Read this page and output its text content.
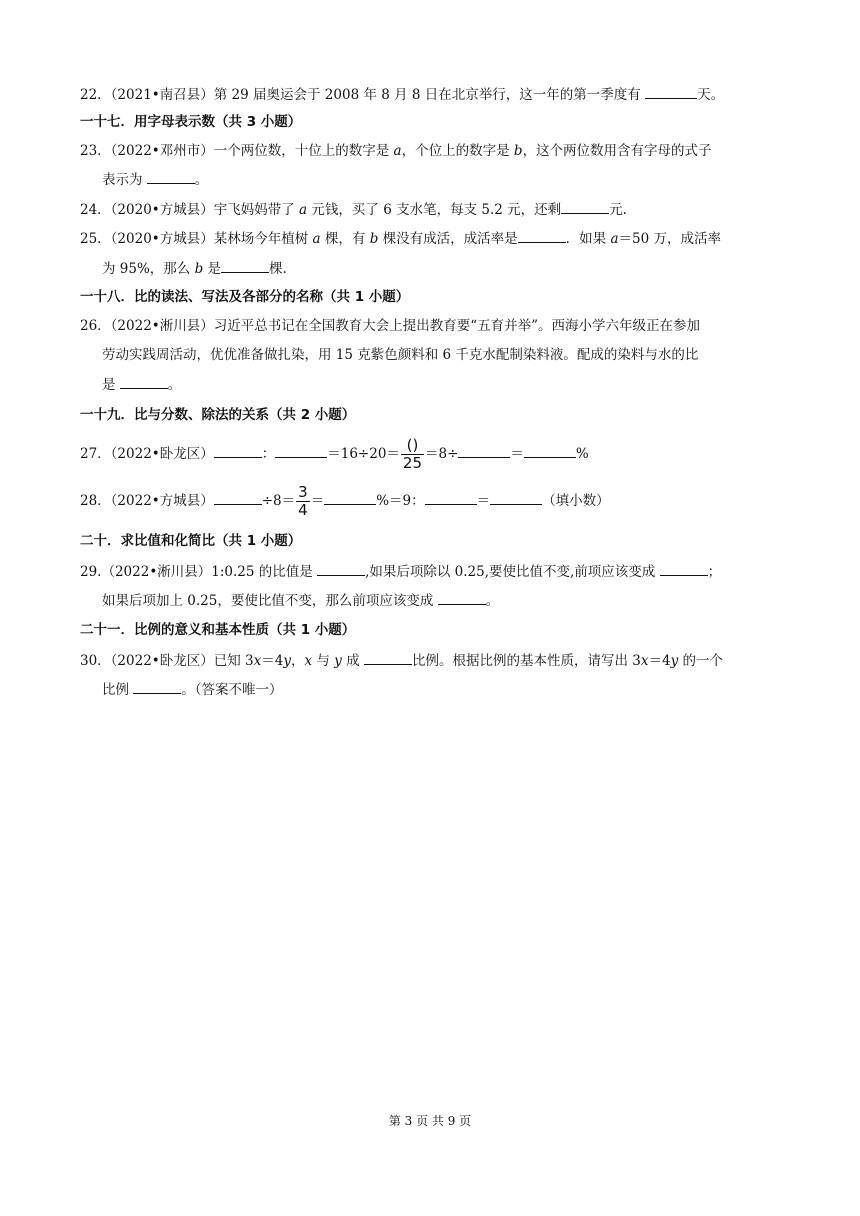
22．（2021•南召县）第 29 届奥运会于 2008 年 8 月 8 日在北京举行，这一年的第一季度有	天。
一十七．用字母表示数（共 3 小题）
23．（2022•邓州市）一个两位数，十位上的数字是 a，个位上的数字是 b，这个两位数用含有字母的式子
表示为	。
24．（2020•方城县）宇飞妈妈带了 a 元钱，买了 6 支水笔，每支 5.2 元，还剩	元.
25．（2020•方城县）某林场今年植树 a 棵，有 b 棵没有成活，成活率是	．如果 a＝50 万，成活率
为 95%，那么 b 是	棵.
一十八．比的读法、写法及各部分的名称（共 1 小题）
26．（2022•淅川县）习近平总书记在全国教育大会上提出教育要“五育并举”。西海小学六年级正在参加
劳动实践周活动，优优准备做扎染，用 15 克紫色颜料和 6 千克水配制染料液。配成的染料与水的比
是	。
一十九．比与分数、除法的关系（共 2 小题）
27．（2022•卧龙区）	：	$=16\div 20= \frac{()}{25} =8\div$	＝	%
28．（2022•方城县）	$\div 8= \frac{3}{4}$ ＝	%＝9：	＝	（填小数）
二十．求比值和化简比（共 1 小题）
29.（2022•淅川县）1:0.25 的比值是	,如果后项除以 0.25,要使比值不变,前项应该变成	；
如果后项加上 0.25，要使比值不变，那么前项应该变成	。
二十一．比例的意义和基本性质（共 1 小题）
30．（2022•卧龙区）已知 3x＝4y，x 与 y 成	比例。根据比例的基本性质，请写出 3x＝4y 的一个
比例	。（答案不唯一）
第 3 页 共 9 页
